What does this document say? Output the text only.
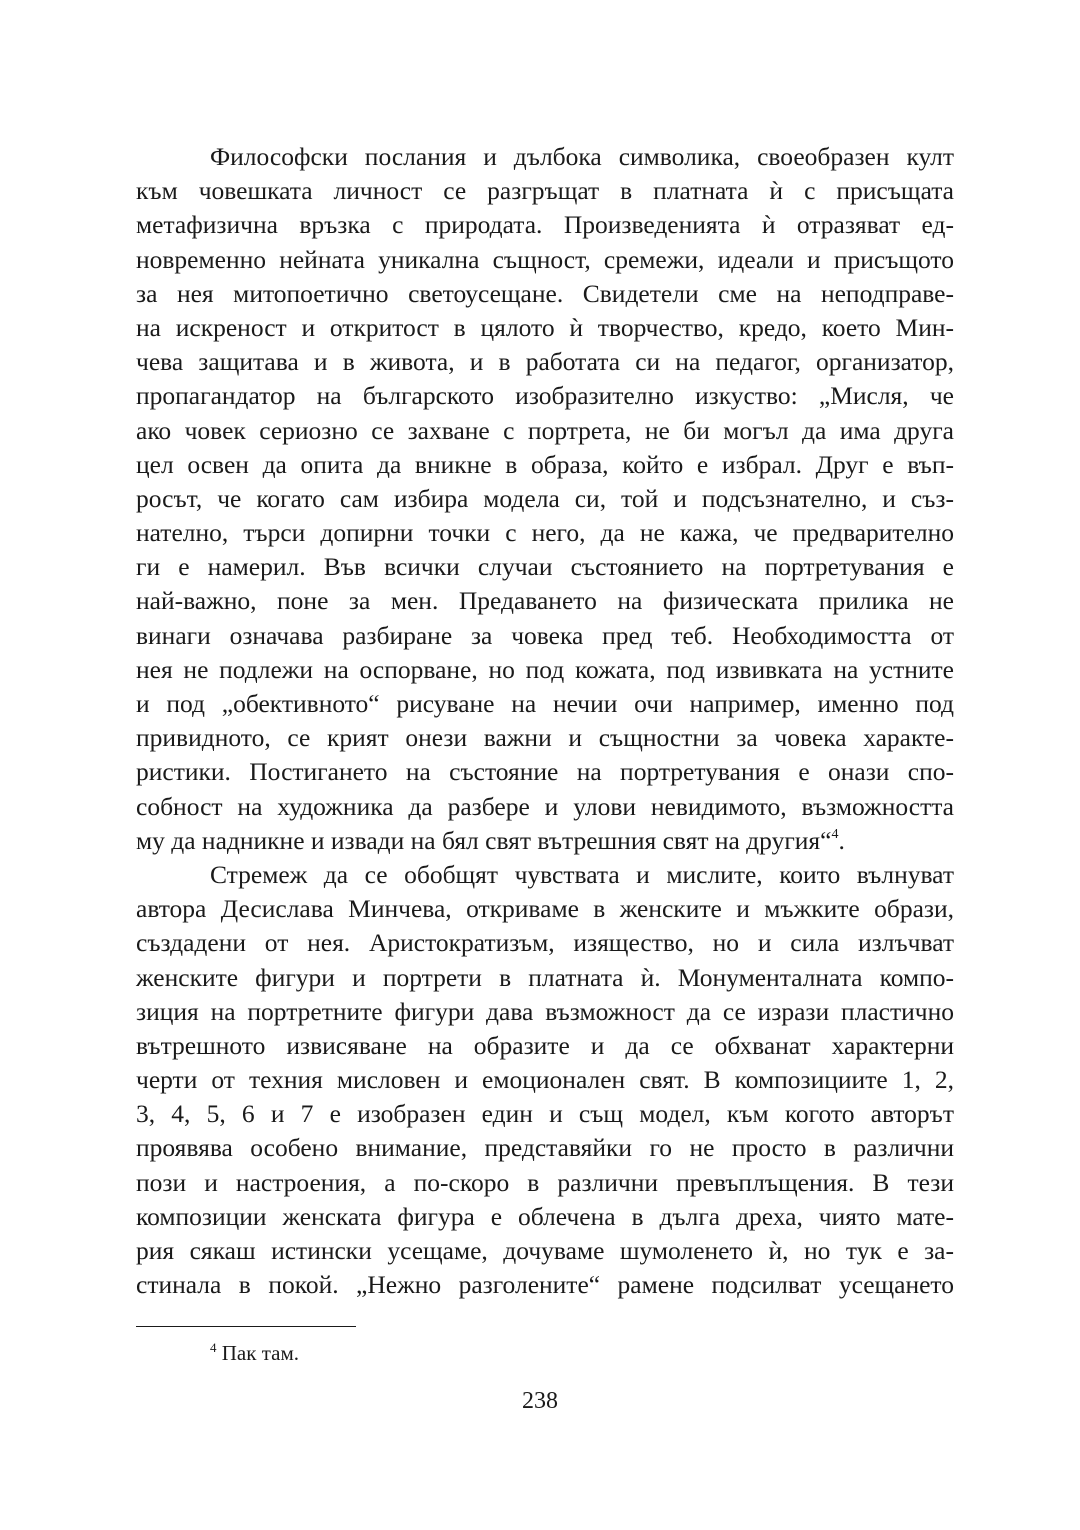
Философски послания и дълбока символика, своеобразен култ
към човешката личност се разгръщат в платната ѝ с присъщата
метафизична връзка с природата. Произведенията ѝ отразяват ед-
новременно нейната уникална същност, сремежи, идеали и присъщото
за нея митопоетично светоусещане. Свидетели сме на неподправе-
на искреност и откритост в цялото ѝ творчество, кредо, което Мин-
чева защитава и в живота, и в работата си на педагог, организатор,
пропагандатор на българското изобразително изкуство: „Мисля, че
ако човек сериозно се захване с портрета, не би могъл да има друга
цел освен да опита да вникне в образа, който е избрал. Друг е въп-
росът, че когато сам избира модела си, той и подсъзнателно, и съз-
нателно, търси допирни точки с него, да не кажа, че предварително
ги е намерил. Във всички случаи състоянието на портретувания е
най-важно, поне за мен. Предаването на физическата прилика не
винаги означава разбиране за човека пред теб. Необходимостта от
нея не подлежи на оспорване, но под кожата, под извивката на устните
и под „обективното“ рисуване на нечии очи например, именно под
привидното, се крият онези важни и същностни за човека характе-
ристики. Постигането на състояние на портретувания е онази спо-
собност на художника да разбере и улови невидимото, възможността
му да надникне и извади на бял свят вътрешния свят на другия“$^4$.
Стремеж да се обобщят чувствата и мислите, които вълнуват
автора Десислава Минчева, откриваме в женските и мъжките образи,
създадени от нея. Аристократизъм, изящество, но и сила излъчват
женските фигури и портрети в платната ѝ. Монументалната компо-
зиция на портретните фигури дава възможност да се изрази пластично
вътрешното извисяване на образите и да се обхванат характерни
черти от техния мисловен и емоционален свят. В композициите 1, 2,
3, 4, 5, 6 и 7 е изобразен един и същ модел, към когото авторът
проявява особено внимание, представяйки го не просто в различни
пози и настроения, а по-скоро в различни превъплъщения. В тези
композиции женската фигура е облечена в дълга дреха, чиято мате-
рия сякаш истински усещаме, дочуваме шумоленето ѝ, но тук е за-
стинала в покой. „Нежно разголените“ рамене подсилват усещането
$^4$ Пак там.
238
